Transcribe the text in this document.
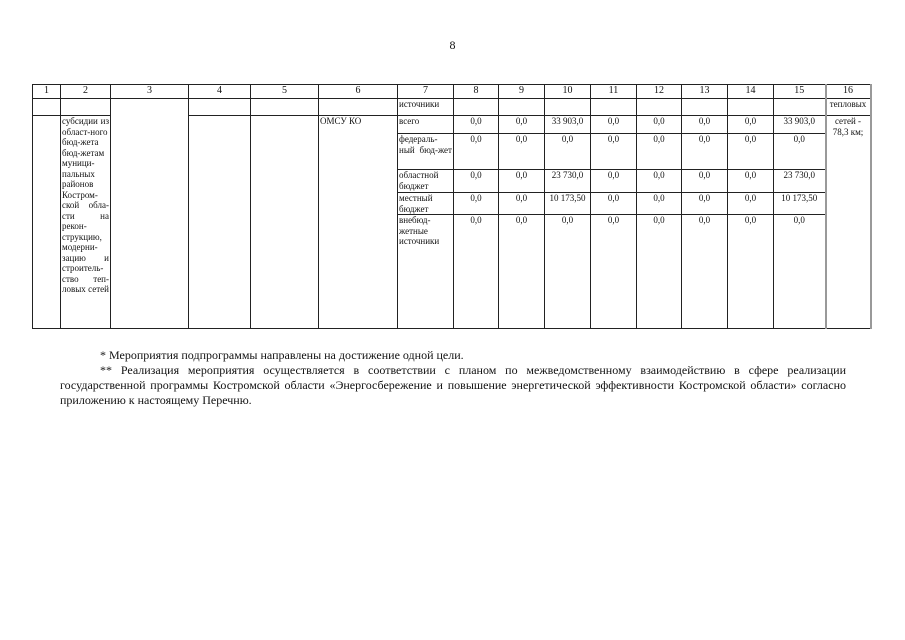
8
1	2	3	4	5	6	7	8	9	10	11	12	13	14	15	16
						источники									тепловых
	субсидии из област-ного бюд-жета бюд-жетам муници-пальных районов Костром-ской обла-сти на рекон-струкцию, модерни-зацию и строитель-ство теп-ловых сетей				ОМСУ КО	всего	0,0	0,0	33 903,0	0,0	0,0	0,0	0,0	33 903,0	сетей - 78,3 км;
						федераль-ный бюд-жет	0,0	0,0	0,0	0,0	0,0	0,0	0,0	0,0	
						областной бюджет	0,0	0,0	23 730,0	0,0	0,0	0,0	0,0	23 730,0	
						местный бюджет	0,0	0,0	10 173,50	0,0	0,0	0,0	0,0	10 173,50	
						внебюд-жетные источники	0,0	0,0	0,0	0,0	0,0	0,0	0,0	0,0	

* Мероприятия подпрограммы направлены на достижение одной цели.

** Реализация мероприятия осуществляется в соответствии с планом по межведомственному взаимодействию в сфере реализации государственной программы Костромской области «Энергосбережение и повышение энергетической эффективности Костромской области» согласно приложению к настоящему Перечню.
